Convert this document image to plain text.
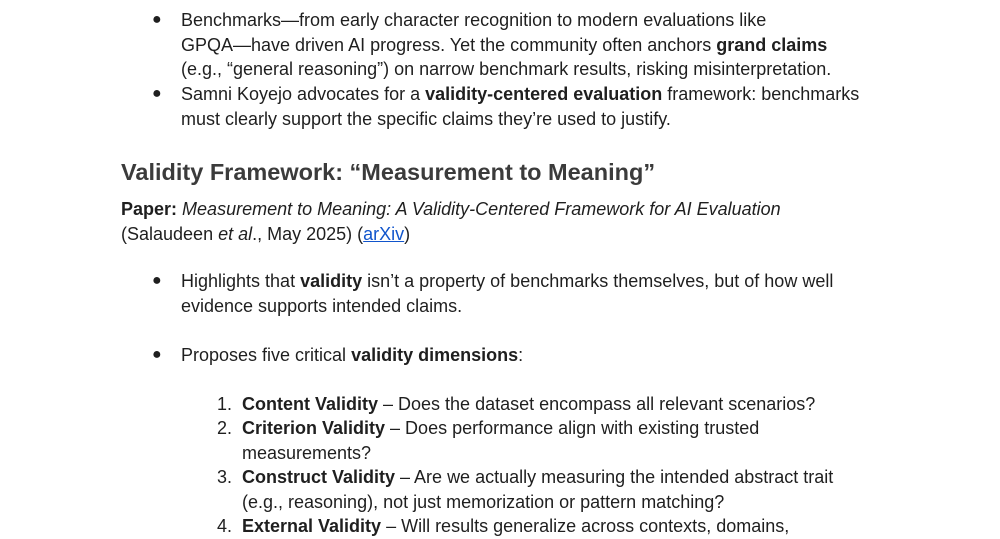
● Benchmarks—from early character recognition to modern evaluations like

GPQA—have driven AI progress. Yet the community often anchors grand claims

(e.g., “general reasoning”) on narrow benchmark results, risking misinterpretation.

● Samni Koyejo advocates for a validity-centered evaluation framework: benchmarks

must clearly support the specific claims they’re used to justify.

Validity Framework: “Measurement to Meaning”
Paper: Measurement to Meaning: A Validity-Centered Framework for AI Evaluation
(Salaudeen et al., May 2025) (arXiv)
● Highlights that validity isn’t a property of benchmarks themselves, but of how well

evidence supports intended claims.

● Proposes five critical validity dimensions:

1. Content Validity – Does the dataset encompass all relevant scenarios?
2. Criterion Validity – Does performance align with existing trusted
measurements?
3. Construct Validity – Are we actually measuring the intended abstract trait
(e.g., reasoning), not just memorization or pattern matching?
4. External Validity – Will results generalize across contexts, domains,
